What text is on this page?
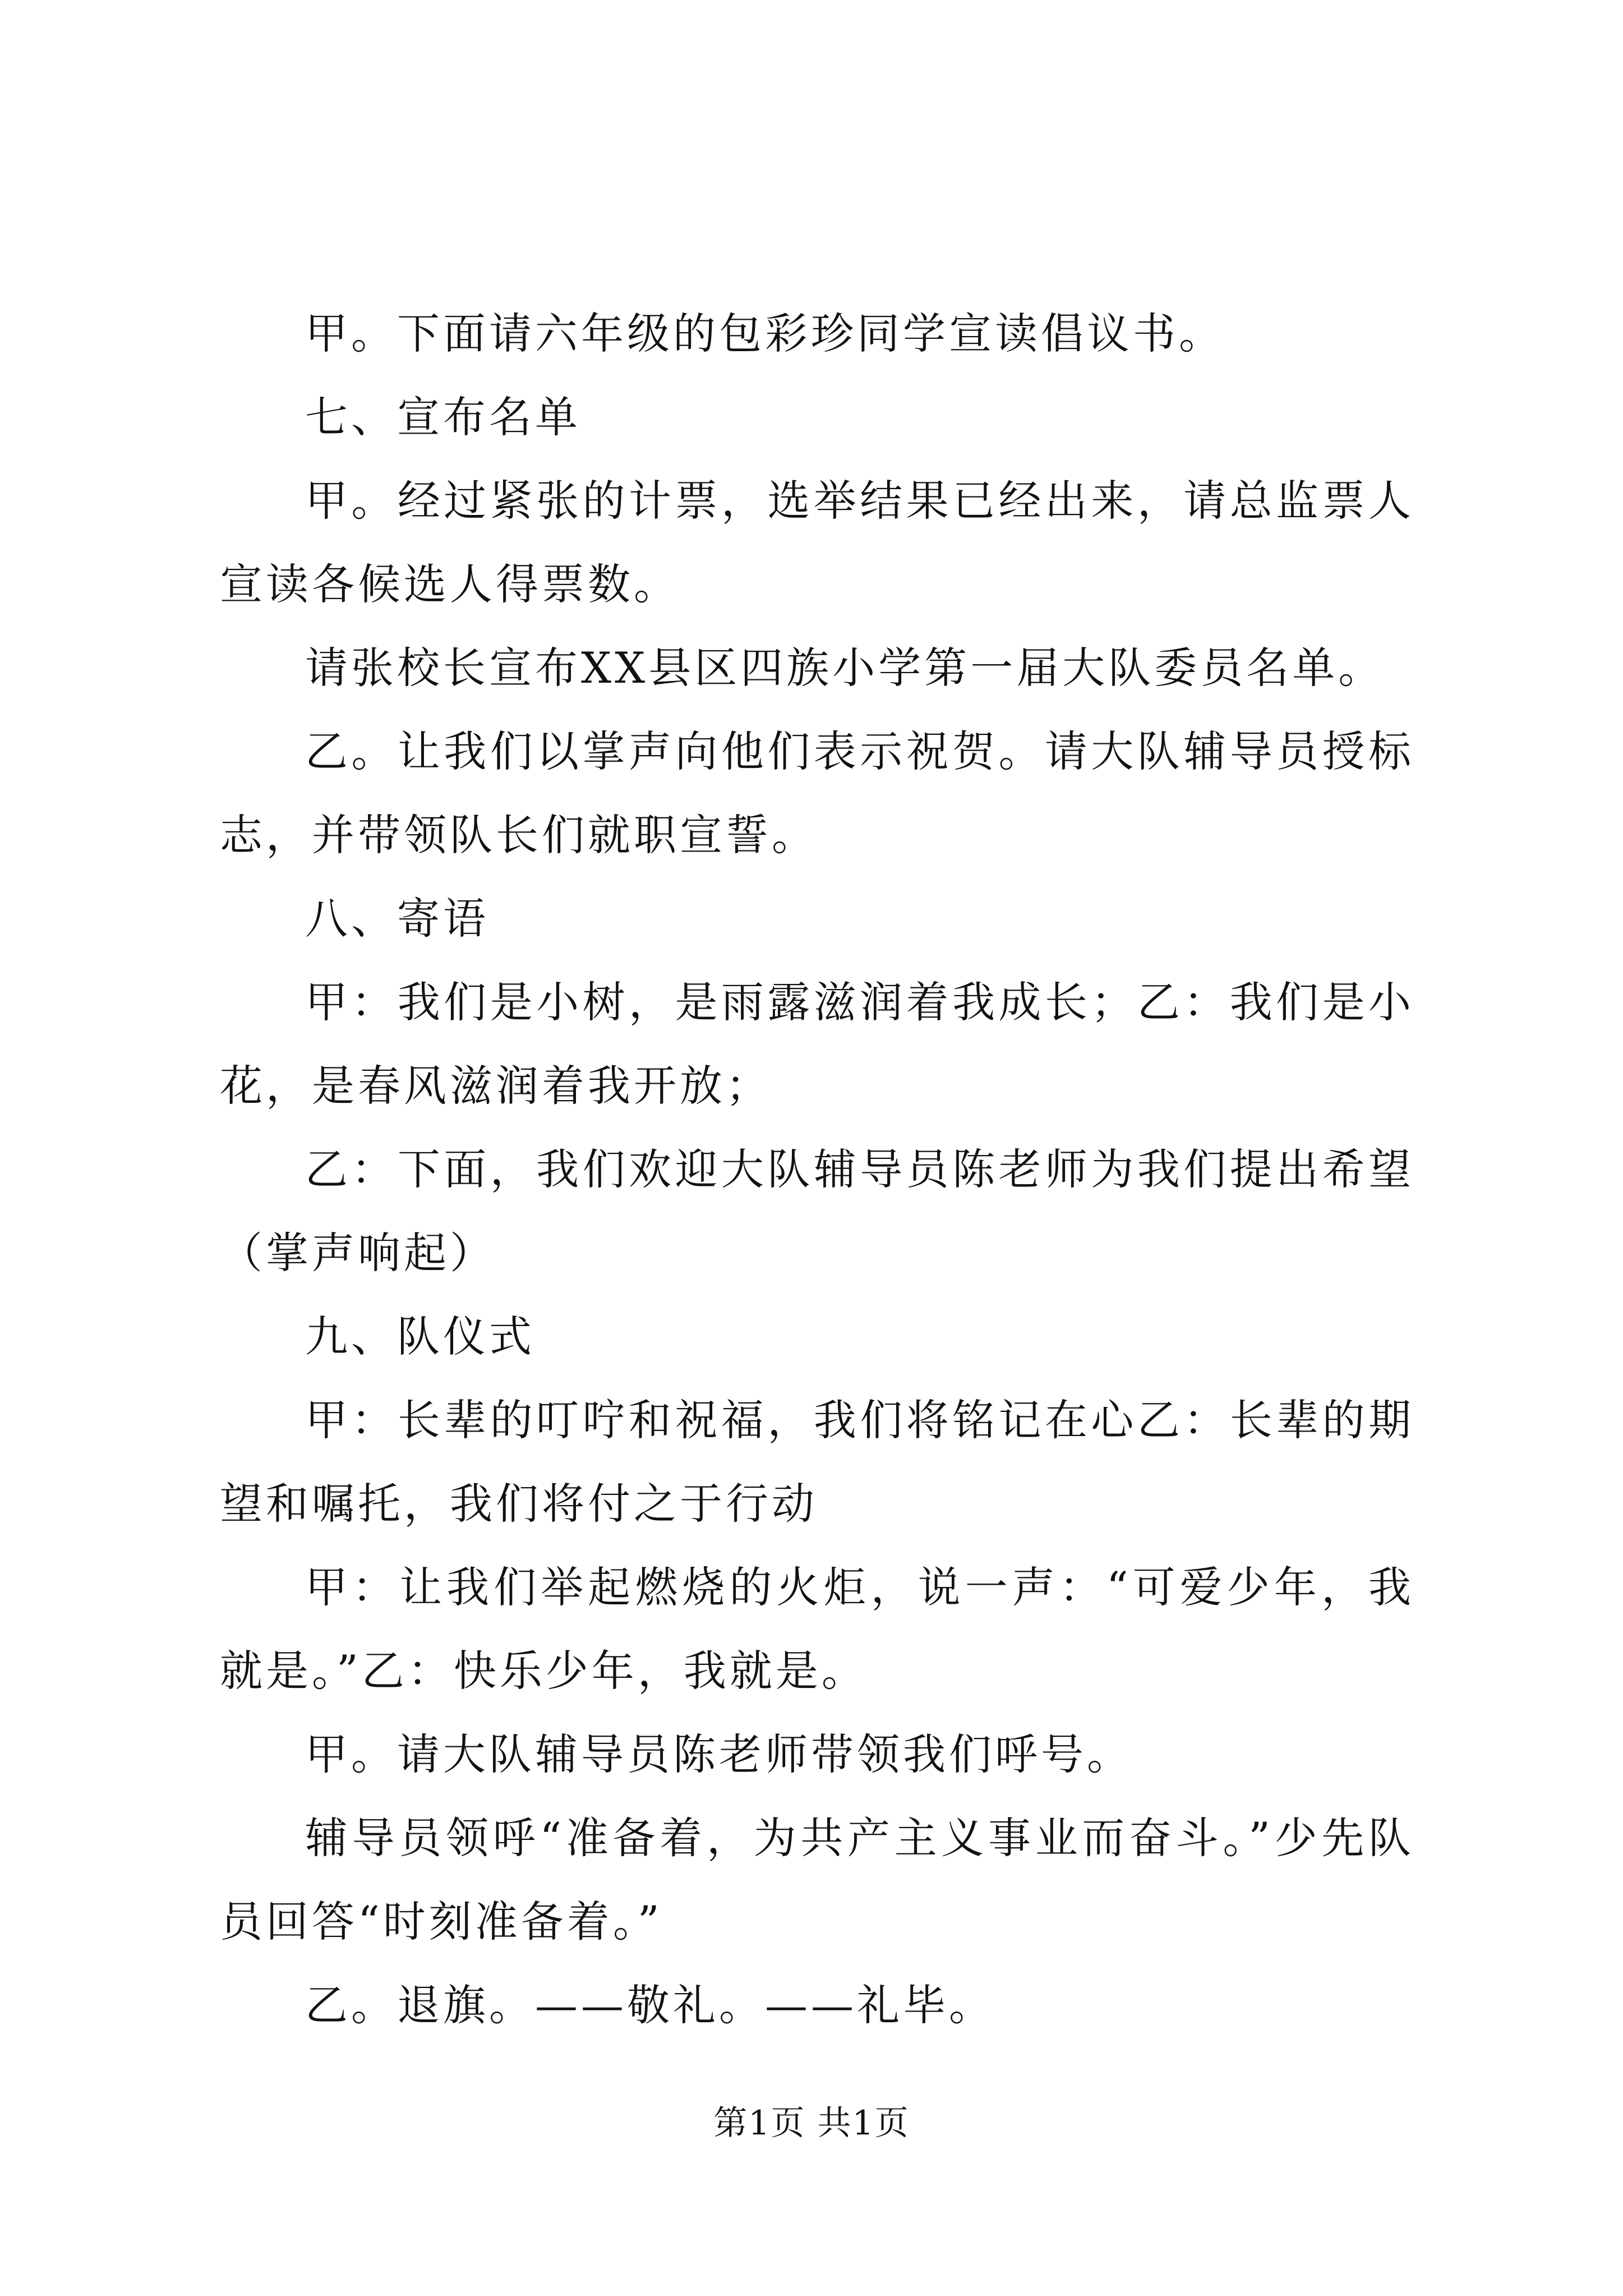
甲。下面请六年级的包彩珍同学宣读倡议书。

七、宣布名单

甲。经过紧张的计票，选举结果已经出来，请总监票人宣读各候选人得票数。

请张校长宣布XX县区四族小学第一届大队委员名单。

乙。让我们以掌声向他们表示祝贺。请大队辅导员授标志，并带领队长们就职宣誓。

八、寄语

甲：我们是小树，是雨露滋润着我成长；乙：我们是小花，是春风滋润着我开放；

乙：下面，我们欢迎大队辅导员陈老师为我们提出希望（掌声响起）

九、队仪式

甲：长辈的叮咛和祝福，我们将铭记在心乙：长辈的期望和嘱托，我们将付之于行动

甲：让我们举起燃烧的火炬，说一声：“可爱少年，我就是。”乙：快乐少年，我就是。

甲。请大队辅导员陈老师带领我们呼号。

辅导员领呼“准备着，为共产主义事业而奋斗。”少先队员回答“时刻准备着。”

乙。退旗。——敬礼。——礼毕。

第1页 共1页
